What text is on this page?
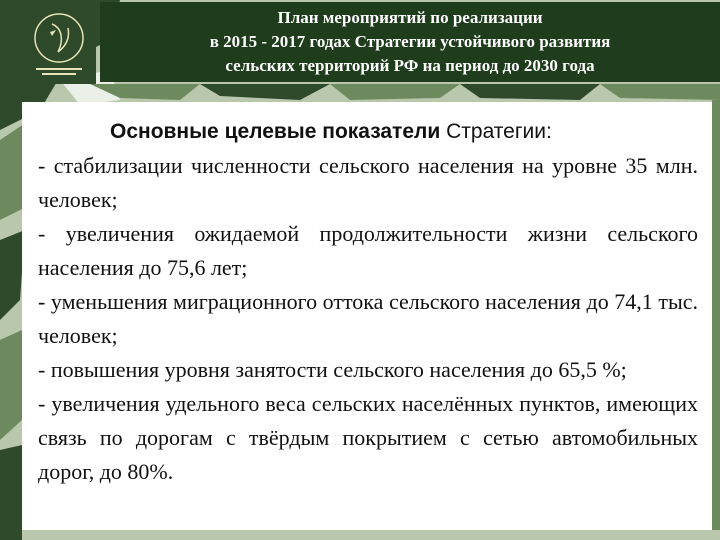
План мероприятий по реализации
в 2015 - 2017 годах Стратегии устойчивого развития
сельских территорий РФ на период до 2030 года

Основные целевые показатели Стратегии:

- стабилизации численности сельского населения на уровне 35 млн. человек;

- увеличения ожидаемой продолжительности жизни сельского населения до 75,6 лет;

- уменьшения миграционного оттока сельского населения до 74,1 тыс. человек;

- повышения уровня занятости сельского населения до 65,5 %;

- увеличения удельного веса сельских населённых пунктов, имеющих связь по дорогам с твёрдым покрытием с сетью автомобильных дорог, до 80%.
